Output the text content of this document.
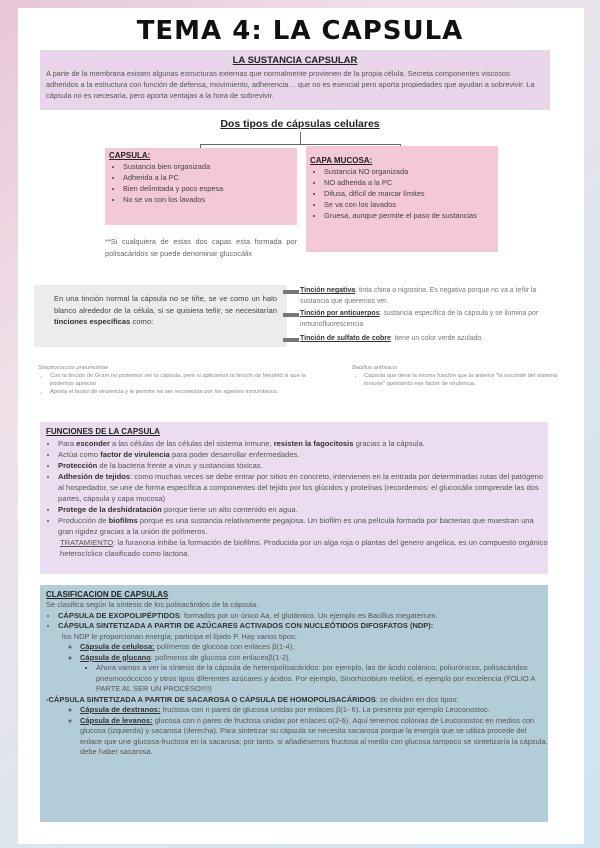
TEMA 4: LA CAPSULA
LA SUSTANCIA CAPSULAR

A parte de la membrana existen algunas estructuras externas que normalmente provienen de la propia célula. Secreta componentes viscosos adheridos a la estructura con función de defensa, movimiento, adherencia… que no es esencial pero aporta propiedades que ayudan a sobrevivir. La cápsula no es necesaria, pero aporta ventajas a la hora de sobrevivir.

Dos tipos de cápsulas celulares
CAPSULA:
• Sustancia bien organizada
• Adherida a la PC
• Bien delimitada y poco espesa
• No se va con los lavados
CAPA MUCOSA:
• Sustancia NO organizada
• NO adherida a la PC
• Difusa, difícil de marcar límites
• Se va con los lavados
• Gruesa, aunque permite el paso de sustancias
**Si cualquiera de estas dos capas esta formada por polisacáridos se puede denominar glucocálix

En una tinción normal la cápsula no se tiñe, se ve como un halo blanco alrededor de la célula, si se quisiera teñir, se necesitarían tinciones específicas como:

Tinción negativa: tinta china o nigrosina. Es negativa porque no va a teñir la sustancia que queremos ver.
Tinción por anticuerpos: sustancia específica de la cápsula y se ilumina por inmunofluorescencia
Tinción de sulfato de cobre: tiene un color verde azulado.
Streptococcus pneumoniae
• Con la tinción de Gram no podemos ver la cápsula, pero si aplicamos la tinción de Neufeld si que la podemos apreciar
• Aporta el factor de virulencia y le permite no ser reconocida por los agentes inmunitarios.
Bacillus anthracis
• Cápsula que tiene la misma función que la anterior "la esconde del sistema inmune" aportando ese factor de virulencia.
FUNCIONES DE LA CAPSULA
• Para esconder a las células de las células del sistema inmune, resisten la fagocitosis gracias a la cápsula.
• Actúa como factor de virulencia para poder desarrollar enfermedades.
• Protección de la bacteria frente a virus y sustancias tóxicas.
• Adhesión de tejidos: como muchas veces se debe entrar por sitios en concreto, intervienen en la entrada por determinadas rutas del patógeno al hospedador, se une de forma específica a componentes del tejido por los glúcidos y proteínas (recordemos: el glucocálix comprende las dos partes, cápsula y capa mucosa)
• Protege de la deshidratación porque tiene un alto contenido en agua.
• Producción de biofilms porque es una sustancia relativamente pegajosa. Un biofilm es una película formada por bacterias que muestran una gran rigidez gracias a la unión de polímeros.

TRATAMIENTO: la furanona inhibe la formación de biofilms. Producida por un alga roja o plantas del genero angelica, es un compuesto orgánico heterocíclico clasificado como lactona.

CLASIFICACION DE CAPSULAS

Se clasifica según la síntesis de los polisacáridos de la cápsula.

• CÁPSULA DE EXOPOLIPÉPTIDOS: formados por un único Aa, el glutámico. Un ejemplo es Bacillus megaterium.
• CÁPSULA SINTETIZADA A PARTIR DE AZÚCARES ACTIVADOS CON NUCLEÓTIDOS DIFOSFATOS (NDP):

los NDP le proporcionan energía; participa el lípido P. Hay varios tipos:

◦ Cápsula de celulosa: polímeros de glucosa con enlaces β(1-4).
◦ Cápsula de glucano: polímeros de glucosa con enlacesβ(1-2).
▪ Ahora vamos a ver la síntesis de la cápsula de heteropolisacáridos: por ejemplo, las de ácido colánico, poliurónicos, polisacáridos pneumocóccicos y otros tipos diferentes azúcares y ácidos. Por ejemplo, Sinorhizobium meliloti, el ejemplo por excelencia (FOLIO A PARTE AL SER UN PROCESO!!!!)

-CÁPSULA SINTETIZADA A PARTIR DE SACAROSA O CÁPSULA DE HOMOPOLISACÁRIDOS: se dividen en dos tipos:

◦ Cápsula de dextranos: fructosa con n pares de glucosa unidas por enlaces β(1- 6). La presenta por ejemplo Leuconostoc.
◦ Cápsula de levanos: glucosa con n pares de fructosa unidas por enlaces α(2-6). Aquí tenemos colonias de Leuconostoc en medios con glucosa (izquierda) y sacarosa (derecha). Para sintetizar su cápsula se necesita sacarosa porque la energía que se utiliza procede del enlace que une glucosa-fructosa en la sacarosa; por tanto, si añadiésemos fructosa al medio con glucosa tampoco se sintetizaría la cápsula, debe haber sacarosa.
